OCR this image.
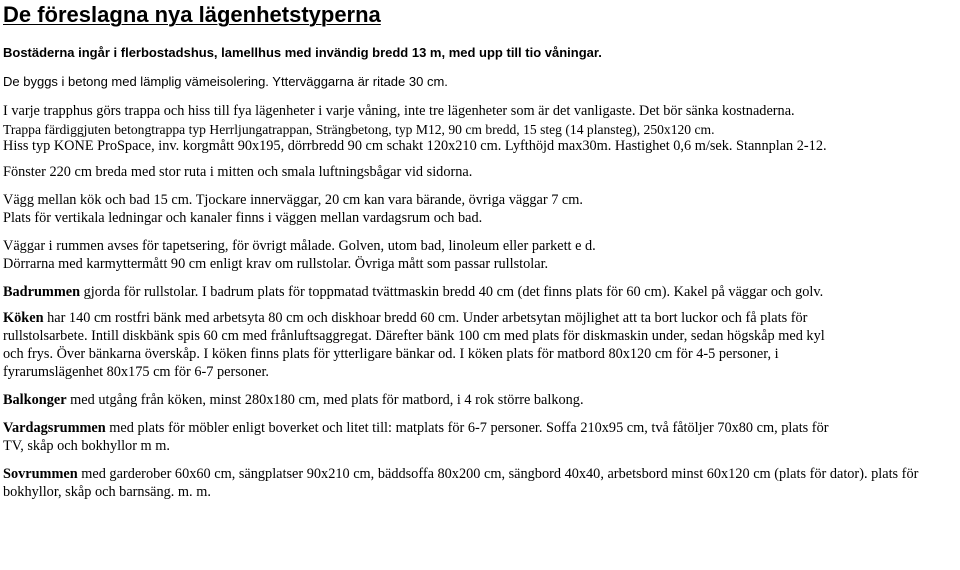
De föreslagna nya lägenhetstyperna
Bostäderna ingår i flerbostadshus, lamellhus med invändig bredd 13 m, med upp till tio våningar.
De byggs i betong med lämplig vämeisolering. Ytterväggarna är ritade 30 cm.
I varje trapphus görs trappa och hiss till fya lägenheter i varje våning, inte tre lägenheter som är det vanligaste. Det bör sänka kostnaderna.
Trappa färdiggjuten betongtrappa typ Herrljungatrappan, Strängbetong, typ M12, 90 cm bredd, 15 steg (14 plansteg), 250x120 cm.
Hiss typ KONE ProSpace, inv. korgmått 90x195, dörrbredd 90 cm schakt 120x210 cm. Lyfthöjd max30m. Hastighet 0,6 m/sek. Stannplan 2-12.
Fönster 220 cm breda med stor ruta i mitten och smala luftningsbågar vid sidorna.
Vägg mellan kök och bad 15 cm. Tjockare innerväggar, 20 cm kan vara bärande, övriga väggar 7 cm.
Plats för vertikala ledningar och kanaler finns i väggen mellan vardagsrum och bad.
Väggar i rummen avses för tapetsering, för övrigt målade. Golven, utom bad, linoleum eller parkett e d.
Dörrarna med karmyttermått 90 cm enligt krav om rullstolar. Övriga mått som passar rullstolar.
Badrummen gjorda för rullstolar. I badrum plats för toppmatad tvättmaskin bredd 40 cm (det finns plats för 60 cm). Kakel på väggar och golv.
Köken har 140 cm rostfri bänk med arbetsyta 80 cm och diskhoar bredd 60 cm. Under arbetsytan möjlighet att ta bort luckor och få plats för
rullstolsarbete. Intill diskbänk spis 60 cm med frånluftsaggregat. Därefter bänk 100 cm med plats för diskmaskin under, sedan högskåp med kyl
och frys. Över bänkarna överskåp. I köken finns plats för ytterligare bänkar od. I köken plats för matbord 80x120 cm för 4-5 personer, i
fyrarumslägenhet 80x175 cm för 6-7 personer.
Balkonger med utgång från köken, minst 280x180 cm, med plats för matbord, i 4 rok större balkong.
Vardagsrummen med plats för möbler enligt boverket och litet till: matplats för 6-7 personer. Soffa 210x95 cm, två fåtöljer 70x80 cm, plats för
TV, skåp och bokhyllor m m.
Sovrummen med garderober 60x60 cm, sängplatser 90x210 cm, bäddsoffa 80x200 cm, sängbord 40x40, arbetsbord minst 60x120 cm (plats för dator). plats för
bokhyllor, skåp och barnsäng. m. m.
